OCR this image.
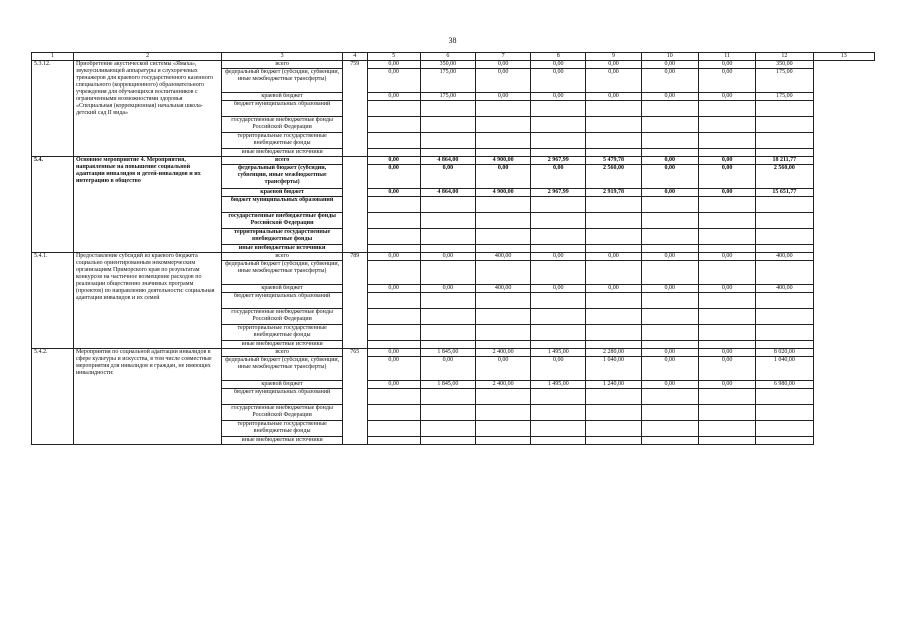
38
1	2	3	4	5	6	7	8	9	10	11	12	13
5.3.12.	Приобретение акустической системы «Ямаха», звукоусиливающей аппаратуры и слухоречевых тренажеров для краевого государственного казенного специального (коррекционного) образовательного учреждения для обучающихся воспитанников с ограниченными возможностями здоровья «Специальная (коррекционная) начальная школа-детский сад II вида»	всего	759	0,00	350,00	0,00	0,00	0,00	0,00	0,00	350,00	
		федеральный бюджет (субсидии, субвенции, иные межбюджетные трансферты)		0,00	175,00	0,00	0,00	0,00	0,00	0,00	175,00	
		краевой бюджет		0,00	175,00	0,00	0,00	0,00	0,00	0,00	175,00	
		бюджет муниципальных образований										
		государственные внебюджетные фонды Российской Федерации										
		территориальные государственные внебюджетные фонды										
		иные внебюджетные источники										
5.4.	Основное мероприятие 4. Мероприятия, направленные на повышение социальной адаптации инвалидов и детей-инвалидов и их интеграцию в общество	всего		0,00	4 864,00	4 900,00	2 967,99	5 479,78	0,00	0,00	18 211,77	
		федеральный бюджет (субсидии, субвенции, иные межбюджетные трансферты)		0,00	0,00	0,00	0,00	2 560,00	0,00	0,00	2 560,00	
		краевой бюджет		0,00	4 864,00	4 900,00	2 967,99	2 919,78	0,00	0,00	15 651,77	
		бюджет муниципальных образований										
		государственные внебюджетные фонды Российской Федерации										
		территориальные государственные внебюджетные фонды										
		иные внебюджетные источники										
5.4.1.	Предоставление субсидий из краевого бюджета социально ориентированным некоммерческим организациям Приморского края по результатам конкурсов на частичное возмещение расходов по реализации общественно значимых программ (проектов) по направлению деятельности: социальная адаптация инвалидов и их семей	всего	789	0,00	0,00	400,00	0,00	0,00	0,00	0,00	400,00	
		федеральный бюджет (субсидии, субвенции, иные межбюджетные трансферты)										
		краевой бюджет		0,00	0,00	400,00	0,00	0,00	0,00	0,00	400,00	
		бюджет муниципальных образований										
		государственные внебюджетные фонды Российской Федерации										
		территориальные государственные внебюджетные фонды										
		иные внебюджетные источники										
5.4.2.	Мероприятия по социальной адаптации инвалидов в сфере культуры и искусства, в том числе совместные мероприятия для инвалидов и граждан, не имеющих инвалидности:	всего	765	0,00	1 845,00	2 400,00	1 495,00	2 280,00	0,00	0,00	8 020,00	
		федеральный бюджет (субсидии, субвенции, иные межбюджетные трансферты)		0,00	0,00	0,00	0,00	1 040,00	0,00	0,00	1 040,00	
		краевой бюджет		0,00	1 845,00	2 400,00	1 495,00	1 240,00	0,00	0,00	6 980,00	
		бюджет муниципальных образований										
		государственные внебюджетные фонды Российской Федерации										
		территориальные государственные внебюджетные фонды										
		иные внебюджетные источники										
